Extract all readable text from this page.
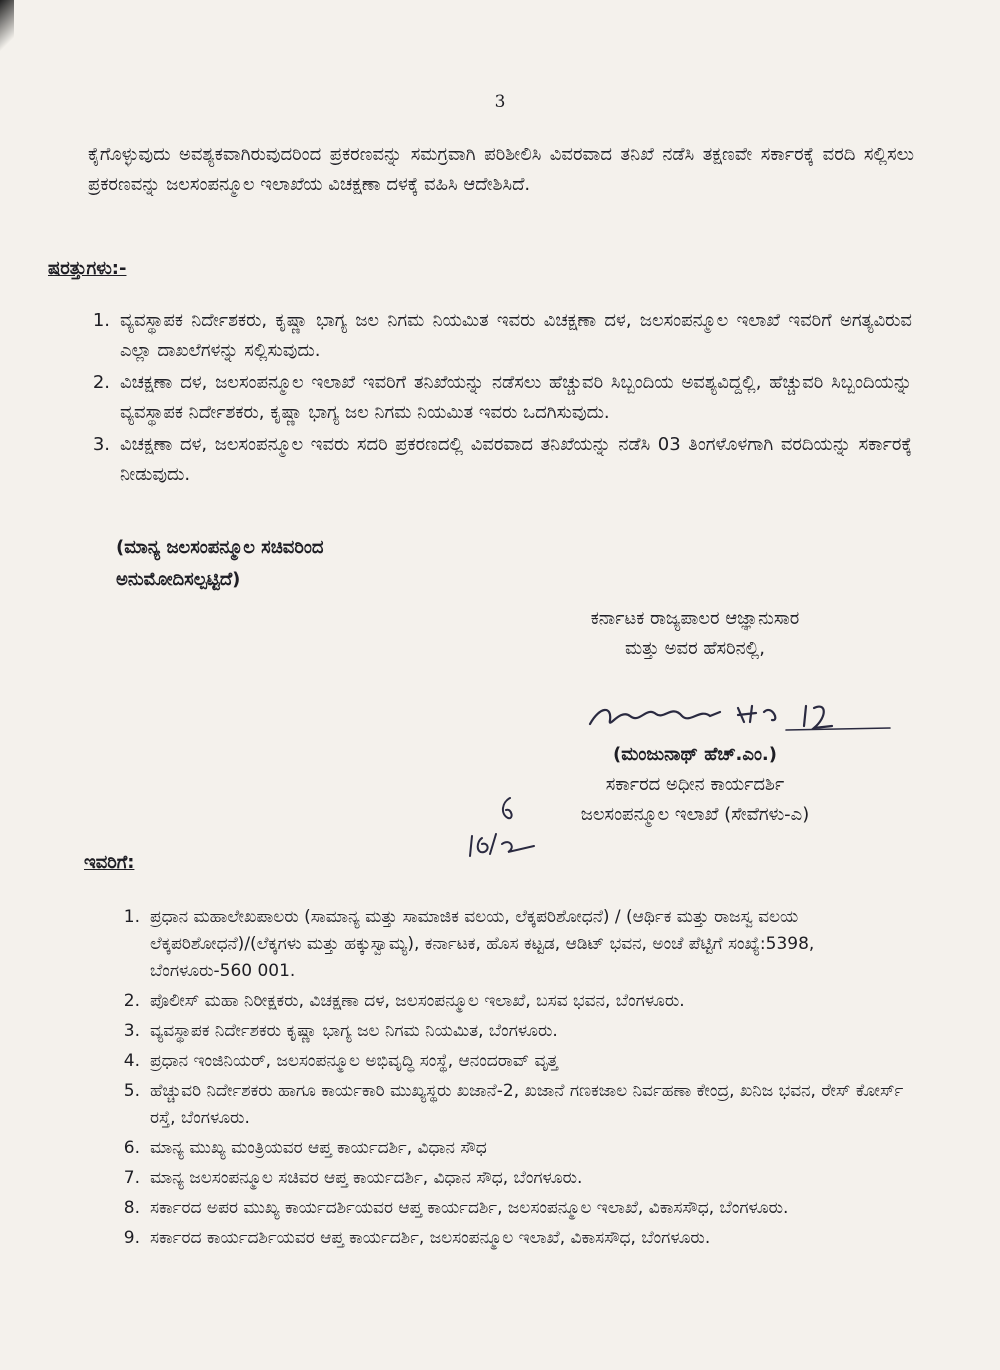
3
ಕೈಗೊಳ್ಳುವುದು ಅವಶ್ಯಕವಾಗಿರುವುದರಿಂದ ಪ್ರಕರಣವನ್ನು ಸಮಗ್ರವಾಗಿ ಪರಿಶೀಲಿಸಿ ವಿವರವಾದ ತನಿಖೆ ನಡೆಸಿ ತಕ್ಷಣವೇ ಸರ್ಕಾರಕ್ಕೆ ವರದಿ ಸಲ್ಲಿಸಲು ಪ್ರಕರಣವನ್ನು ಜಲಸಂಪನ್ಮೂಲ ಇಲಾಖೆಯ ವಿಚಕ್ಷಣಾ ದಳಕ್ಕೆ ವಹಿಸಿ ಆದೇಶಿಸಿದೆ.
ಷರತ್ತುಗಳು:-
1. ವ್ಯವಸ್ಥಾಪಕ ನಿರ್ದೇಶಕರು, ಕೃಷ್ಣಾ ಭಾಗ್ಯ ಜಲ ನಿಗಮ ನಿಯಮಿತ ಇವರು ವಿಚಕ್ಷಣಾ ದಳ, ಜಲಸಂಪನ್ಮೂಲ ಇಲಾಖೆ ಇವರಿಗೆ ಅಗತ್ಯವಿರುವ ಎಲ್ಲಾ ದಾಖಲೆಗಳನ್ನು ಸಲ್ಲಿಸುವುದು.
2. ವಿಚಕ್ಷಣಾ ದಳ, ಜಲಸಂಪನ್ಮೂಲ ಇಲಾಖೆ ಇವರಿಗೆ ತನಿಖೆಯನ್ನು ನಡೆಸಲು ಹೆಚ್ಚುವರಿ ಸಿಬ್ಬಂದಿಯ ಅವಶ್ಯವಿದ್ದಲ್ಲಿ, ಹೆಚ್ಚುವರಿ ಸಿಬ್ಬಂದಿಯನ್ನು ವ್ಯವಸ್ಥಾಪಕ ನಿರ್ದೇಶಕರು, ಕೃಷ್ಣಾ ಭಾಗ್ಯ ಜಲ ನಿಗಮ ನಿಯಮಿತ ಇವರು ಒದಗಿಸುವುದು.
3. ವಿಚಕ್ಷಣಾ ದಳ, ಜಲಸಂಪನ್ಮೂಲ ಇವರು ಸದರಿ ಪ್ರಕರಣದಲ್ಲಿ ವಿವರವಾದ ತನಿಖೆಯನ್ನು ನಡೆಸಿ 03 ತಿಂಗಳೊಳಗಾಗಿ ವರದಿಯನ್ನು ಸರ್ಕಾರಕ್ಕೆ ನೀಡುವುದು.
(ಮಾನ್ಯ ಜಲಸಂಪನ್ಮೂಲ ಸಚಿವರಿಂದ
ಅನುಮೋದಿಸಲ್ಪಟ್ಟಿದೆ)
ಕರ್ನಾಟಕ ರಾಜ್ಯಪಾಲರ ಆಜ್ಞಾನುಸಾರ
ಮತ್ತು ಅವರ ಹೆಸರಿನಲ್ಲಿ,
(ಮಂಜುನಾಥ್ ಹೆಚ್.ಎಂ.)
ಸರ್ಕಾರದ ಅಧೀನ ಕಾರ್ಯದರ್ಶಿ
ಜಲಸಂಪನ್ಮೂಲ ಇಲಾಖೆ (ಸೇವೆಗಳು-ಎ)
ಇವರಿಗೆ:
1. ಪ್ರಧಾನ ಮಹಾಲೇಖಪಾಲರು (ಸಾಮಾನ್ಯ ಮತ್ತು ಸಾಮಾಜಿಕ ವಲಯ, ಲೆಕ್ಕಪರಿಶೋಧನೆ) / (ಆರ್ಥಿಕ ಮತ್ತು ರಾಜಸ್ವ ವಲಯ ಲೆಕ್ಕಪರಿಶೋಧನೆ)/(ಲೆಕ್ಕಗಳು ಮತ್ತು ಹಕ್ಕುಸ್ವಾಮ್ಯ), ಕರ್ನಾಟಕ, ಹೊಸ ಕಟ್ಟಡ, ಆಡಿಟ್ ಭವನ, ಅಂಚೆ ಪೆಟ್ಟಿಗೆ ಸಂಖ್ಯೆ:5398, ಬೆಂಗಳೂರು-560 001.
2. ಪೊಲೀಸ್ ಮಹಾ ನಿರೀಕ್ಷಕರು, ವಿಚಕ್ಷಣಾ ದಳ, ಜಲಸಂಪನ್ಮೂಲ ಇಲಾಖೆ, ಬಸವ ಭವನ, ಬೆಂಗಳೂರು.
3. ವ್ಯವಸ್ಥಾಪಕ ನಿರ್ದೇಶಕರು ಕೃಷ್ಣಾ ಭಾಗ್ಯ ಜಲ ನಿಗಮ ನಿಯಮಿತ, ಬೆಂಗಳೂರು.
4. ಪ್ರಧಾನ ಇಂಜಿನಿಯರ್, ಜಲಸಂಪನ್ಮೂಲ ಅಭಿವೃದ್ಧಿ ಸಂಸ್ಥೆ, ಆನಂದರಾವ್ ವೃತ್ತ
5. ಹೆಚ್ಚುವರಿ ನಿರ್ದೇಶಕರು ಹಾಗೂ ಕಾರ್ಯಕಾರಿ ಮುಖ್ಯಸ್ಥರು ಖಜಾನೆ-2, ಖಜಾನೆ ಗಣಕಜಾಲ ನಿರ್ವಹಣಾ ಕೇಂದ್ರ, ಖನಿಜ ಭವನ, ರೇಸ್ ಕೋರ್ಸ್ ರಸ್ತೆ, ಬೆಂಗಳೂರು.
6. ಮಾನ್ಯ ಮುಖ್ಯ ಮಂತ್ರಿಯವರ ಆಪ್ತ ಕಾರ್ಯದರ್ಶಿ, ವಿಧಾನ ಸೌಧ
7. ಮಾನ್ಯ ಜಲಸಂಪನ್ಮೂಲ ಸಚಿವರ ಆಪ್ತ ಕಾರ್ಯದರ್ಶಿ, ವಿಧಾನ ಸೌಧ, ಬೆಂಗಳೂರು.
8. ಸರ್ಕಾರದ ಅಪರ ಮುಖ್ಯ ಕಾರ್ಯದರ್ಶಿಯವರ ಆಪ್ತ ಕಾರ್ಯದರ್ಶಿ, ಜಲಸಂಪನ್ಮೂಲ ಇಲಾಖೆ, ವಿಕಾಸಸೌಧ, ಬೆಂಗಳೂರು.
9. ಸರ್ಕಾರದ ಕಾರ್ಯದರ್ಶಿಯವರ ಆಪ್ತ ಕಾರ್ಯದರ್ಶಿ, ಜಲಸಂಪನ್ಮೂಲ ಇಲಾಖೆ, ವಿಕಾಸಸೌಧ, ಬೆಂಗಳೂರು.
